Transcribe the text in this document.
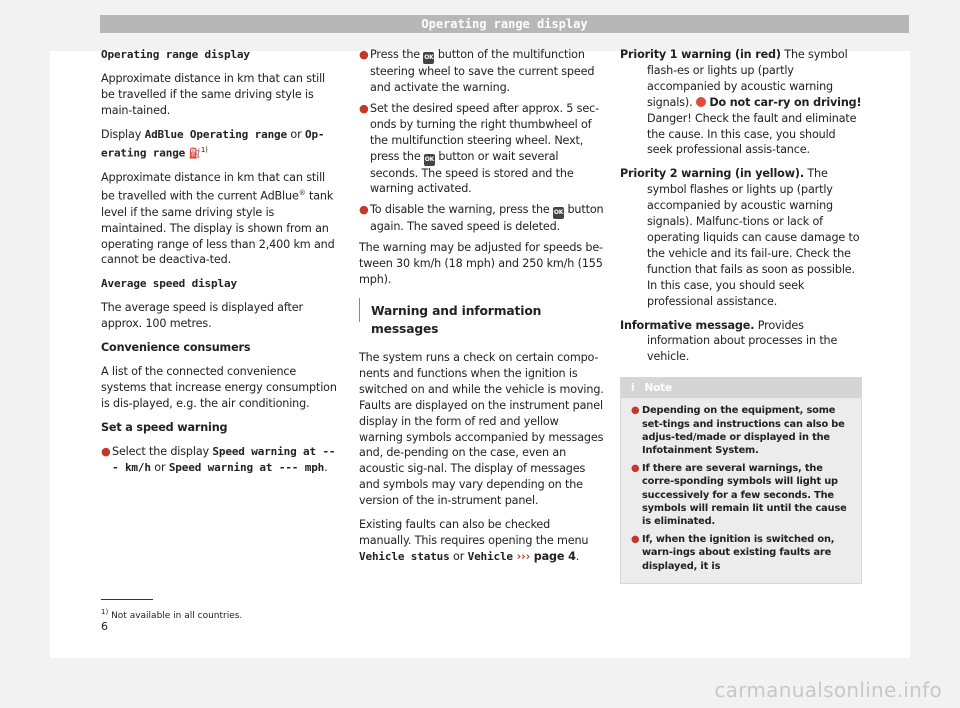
Operating range display

Operating range display

Approximate distance in km that can still be travelled if the same driving style is main-tained.

Display AdBlue Operating range or Op-erating range ⛽$^{1)}$

Approximate distance in km that can still be travelled with the current AdBlue® tank level if the same driving style is maintained. The display is shown from an operating range of less than 2,400 km and cannot be deactiva-ted.

Average speed display

The average speed is displayed after approx. 100 metres.

Convenience consumers

A list of the connected convenience systems that increase energy consumption is dis-played, e.g. the air conditioning.

Set a speed warning

● Select the display Speed warning at --- km/h or Speed warning at --- mph.
● Press the OK button of the multifunction steering wheel to save the current speed and activate the warning.
● Set the desired speed after approx. 5 sec-onds by turning the right thumbwheel of the multifunction steering wheel. Next, press the OK button or wait several seconds. The speed is stored and the warning activated.
● To disable the warning, press the OK button again. The saved speed is deleted.

The warning may be adjusted for speeds be-tween 30 km/h (18 mph) and 250 km/h (155 mph).

Warning and information messages

The system runs a check on certain compo-nents and functions when the ignition is switched on and while the vehicle is moving. Faults are displayed on the instrument panel display in the form of red and yellow warning symbols accompanied by messages and, de-pending on the case, even an acoustic sig-nal. The display of messages and symbols may vary depending on the version of the in-strument panel.

Existing faults can also be checked manually. This requires opening the menu Vehicle status or Vehicle ››› page 4.

Priority 1 warning (in red) The symbol flash-es or lights up (partly accompanied by acoustic warning signals).  Do not car-ry on driving! Danger! Check the fault and eliminate the cause. In this case, you should seek professional assis-tance.

Priority 2 warning (in yellow). The symbol flashes or lights up (partly accompanied by acoustic warning signals). Malfunc-tions or lack of operating liquids can cause damage to the vehicle and its fail-ure. Check the function that fails as soon as possible. In this case, you should seek professional assistance.

Informative message. Provides information about processes in the vehicle.

i Note
● Depending on the equipment, some set-tings and instructions can also be adjus-ted/made or displayed in the Infotainment System.
● If there are several warnings, the corre-sponding symbols will light up successively for a few seconds. The symbols will remain lit until the cause is eliminated.
● If, when the ignition is switched on, warn-ings about existing faults are displayed, it is
$^{1)}$ Not available in all countries.
6
carmanualsonline.info
